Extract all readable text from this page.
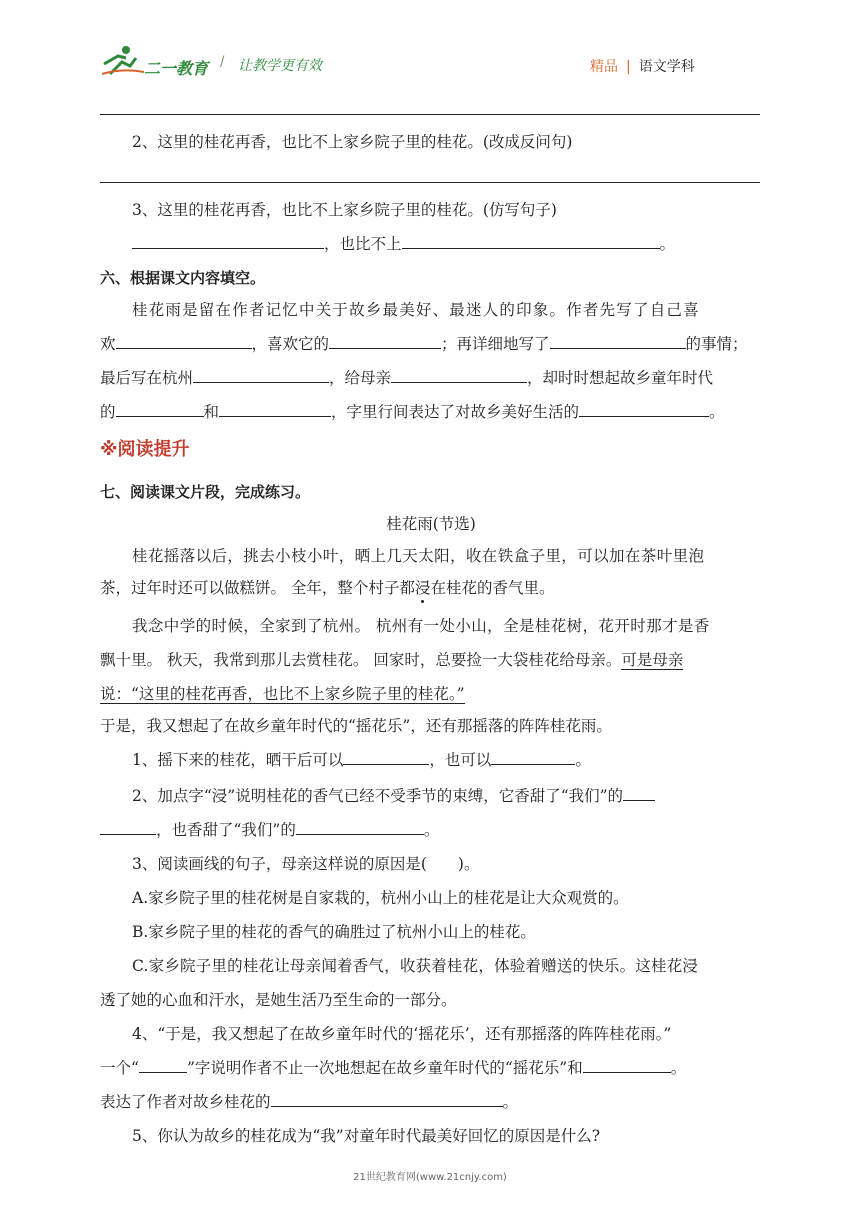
二一教育 / 让教学更有效	精品 | 语文学科
2、这里的桂花再香，也比不上家乡院子里的桂花。(改成反问句)
3、这里的桂花再香，也比不上家乡院子里的桂花。(仿写句子)
，也比不上	。
六、根据课文内容填空。
桂花雨是留在作者记忆中关于故乡最美好、最迷人的印象。作者先写了自己喜
欢	，喜欢它的	；再详细地写了	的事情；
最后写在杭州	，给母亲	，却时时想起故乡童年时代
的	和	，字里行间表达了对故乡美好生活的	。
※阅读提升
七、阅读课文片段，完成练习。
桂花雨(节选)
桂花摇落以后，挑去小枝小叶，晒上几天太阳，收在铁盒子里，可以加在茶叶里泡
茶，过年时还可以做糕饼。 全年，整个村子都浸在桂花的香气里。
我念中学的时候，全家到了杭州。 杭州有一处小山，全是桂花树，花开时那才是香
飘十里。 秋天，我常到那儿去赏桂花。 回家时，总要捡一大袋桂花给母亲。可是母亲
说：“这里的桂花再香，也比不上家乡院子里的桂花。”
于是，我又想起了在故乡童年时代的“摇花乐”，还有那摇落的阵阵桂花雨。
1、摇下来的桂花，晒干后可以	，也可以	。
2、加点字“浸”说明桂花的香气已经不受季节的束缚，它香甜了“我们”的
，也香甜了“我们”的	。
3、阅读画线的句子，母亲这样说的原因是(　　)。
A.家乡院子里的桂花树是自家栽的，杭州小山上的桂花是让大众观赏的。
B.家乡院子里的桂花的香气的确胜过了杭州小山上的桂花。
C.家乡院子里的桂花让母亲闻着香气，收获着桂花，体验着赠送的快乐。这桂花浸
透了她的心血和汗水，是她生活乃至生命的一部分。
4、“于是，我又想起了在故乡童年时代的‘摇花乐’，还有那摇落的阵阵桂花雨。”
一个“	”字说明作者不止一次地想起在故乡童年时代的“摇花乐”和	。
表达了作者对故乡桂花的	。
5、你认为故乡的桂花成为“我”对童年时代最美好回忆的原因是什么?
21世纪教育网(www.21cnjy.com)
